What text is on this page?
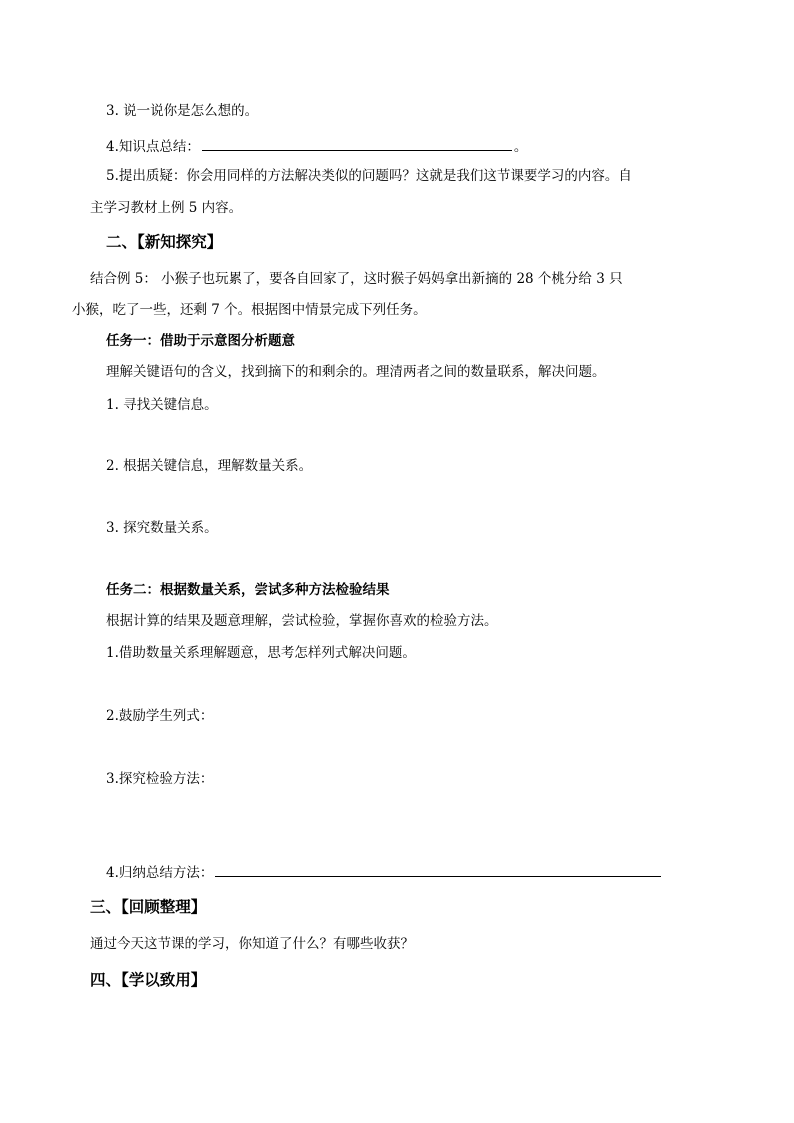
3. 说一说你是怎么想的。
4.知识点总结：	。
5.提出质疑：你会用同样的方法解决类似的问题吗？这就是我们这节课要学习的内容。自
主学习教材上例 5 内容。
二、【新知探究】
结合例 5： 小猴子也玩累了，要各自回家了，这时猴子妈妈拿出新摘的 28 个桃分给 3 只
小猴，吃了一些，还剩 7 个。根据图中情景完成下列任务。
任务一：借助于示意图分析题意
理解关键语句的含义，找到摘下的和剩余的。理清两者之间的数量联系，解决问题。
1. 寻找关键信息。
2. 根据关键信息，理解数量关系。
3. 探究数量关系。
任务二：根据数量关系，尝试多种方法检验结果
根据计算的结果及题意理解，尝试检验，掌握你喜欢的检验方法。
1.借助数量关系理解题意，思考怎样列式解决问题。
2.鼓励学生列式：
3.探究检验方法：
4.归纳总结方法：
三、【回顾整理】
通过今天这节课的学习，你知道了什么？有哪些收获？
四、【学以致用】
